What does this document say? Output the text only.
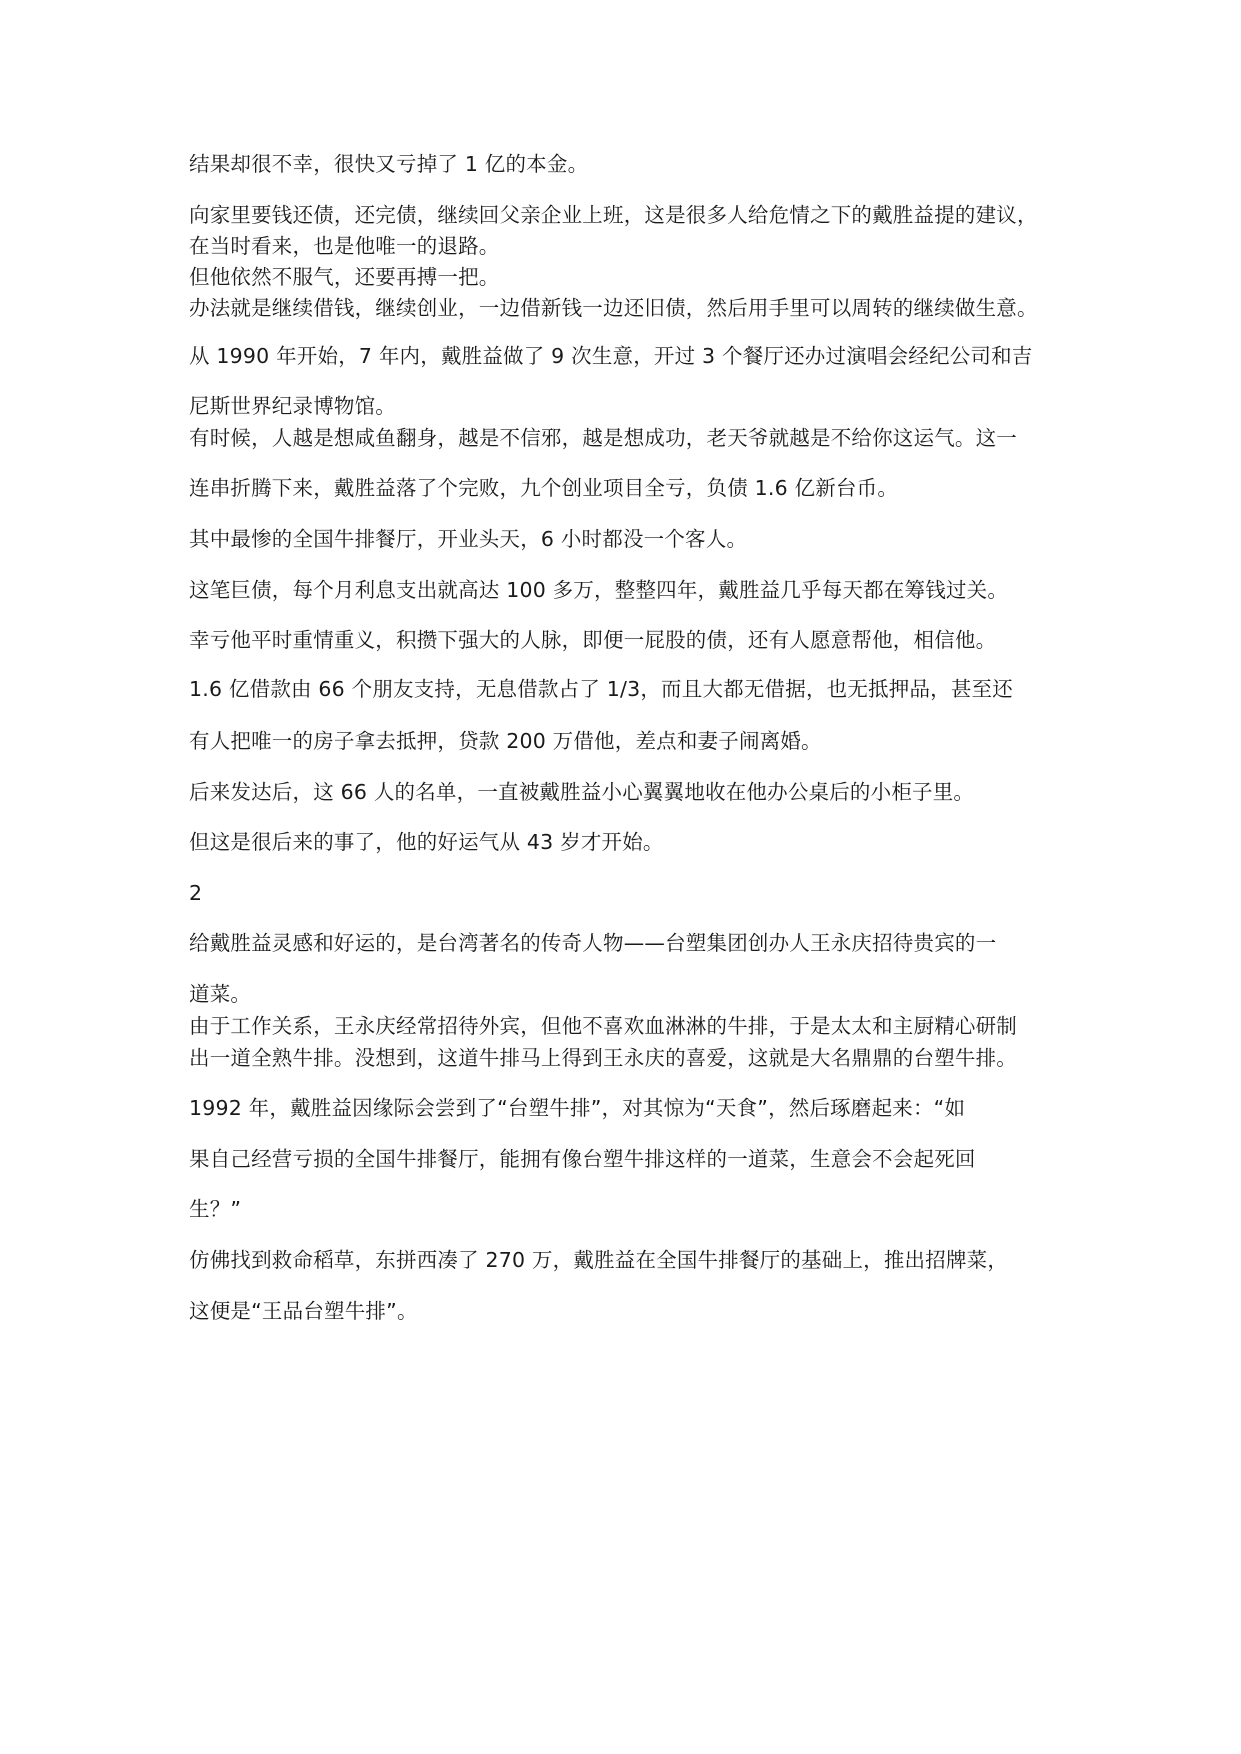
结果却很不幸，很快又亏掉了 1 亿的本金。

向家里要钱还债，还完债，继续回父亲企业上班，这是很多人给危情之下的戴胜益提的建议，

在当时看来，也是他唯一的退路。

但他依然不服气，还要再搏一把。

办法就是继续借钱，继续创业，一边借新钱一边还旧债，然后用手里可以周转的继续做生意。

从 1990 年开始，7 年内，戴胜益做了 9 次生意，开过 3 个餐厅还办过演唱会经纪公司和吉

尼斯世界纪录博物馆。

有时候，人越是想咸鱼翻身，越是不信邪，越是想成功，老天爷就越是不给你这运气。这一

连串折腾下来，戴胜益落了个完败，九个创业项目全亏，负债 1.6 亿新台币。

其中最惨的全国牛排餐厅，开业头天，6 小时都没一个客人。

这笔巨债，每个月利息支出就高达 100 多万，整整四年，戴胜益几乎每天都在筹钱过关。

幸亏他平时重情重义，积攒下强大的人脉，即便一屁股的债，还有人愿意帮他，相信他。

1.6 亿借款由 66 个朋友支持，无息借款占了 1/3，而且大都无借据，也无抵押品，甚至还

有人把唯一的房子拿去抵押，贷款 200 万借他，差点和妻子闹离婚。

后来发达后，这 66 人的名单，一直被戴胜益小心翼翼地收在他办公桌后的小柜子里。

但这是很后来的事了，他的好运气从 43 岁才开始。

2

给戴胜益灵感和好运的，是台湾著名的传奇人物——台塑集团创办人王永庆招待贵宾的一

道菜。

由于工作关系，王永庆经常招待外宾，但他不喜欢血淋淋的牛排，于是太太和主厨精心研制

出一道全熟牛排。没想到，这道牛排马上得到王永庆的喜爱，这就是大名鼎鼎的台塑牛排。

1992 年，戴胜益因缘际会尝到了“台塑牛排”，对其惊为“天食”，然后琢磨起来：“如

果自己经营亏损的全国牛排餐厅，能拥有像台塑牛排这样的一道菜，生意会不会起死回

生？”

仿佛找到救命稻草，东拼西凑了 270 万，戴胜益在全国牛排餐厅的基础上，推出招牌菜，

这便是“王品台塑牛排”。
